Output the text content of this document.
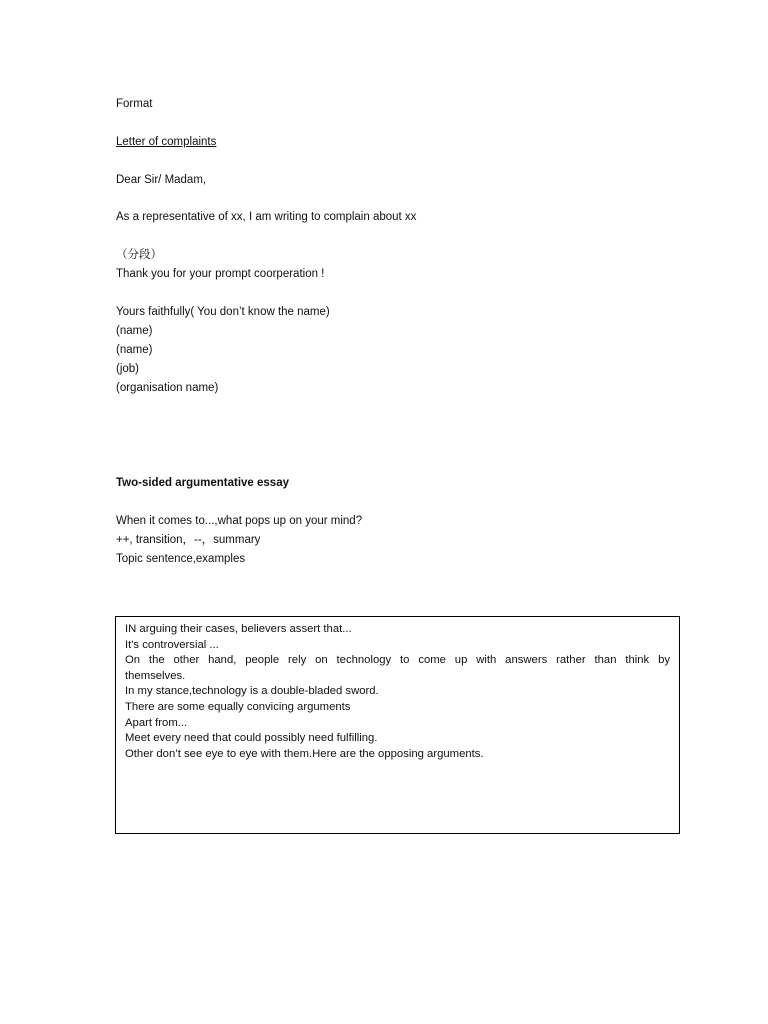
Format
Letter of complaints
Dear Sir/ Madam,
As a representative of xx, I am writing to complain about xx
（分段）
Thank you for your prompt coorperation !
Yours faithfully( You don’t know the name)
(name)
(name)
(job)
(organisation name)
Two-sided argumentative essay
When it comes to...,what pops up on your mind?
++, transition，--，summary
Topic sentence,examples
IN arguing their cases, believers assert that...
It's controversial ...
On the other hand, people rely on technology to come up with answers rather than think by
themselves.
In my stance,technology is a double-bladed sword.
There are some equally convicing arguments
Apart from...
Meet every need that could possibly need fulfilling.
Other don’t see eye to eye with them.Here are the opposing arguments.
